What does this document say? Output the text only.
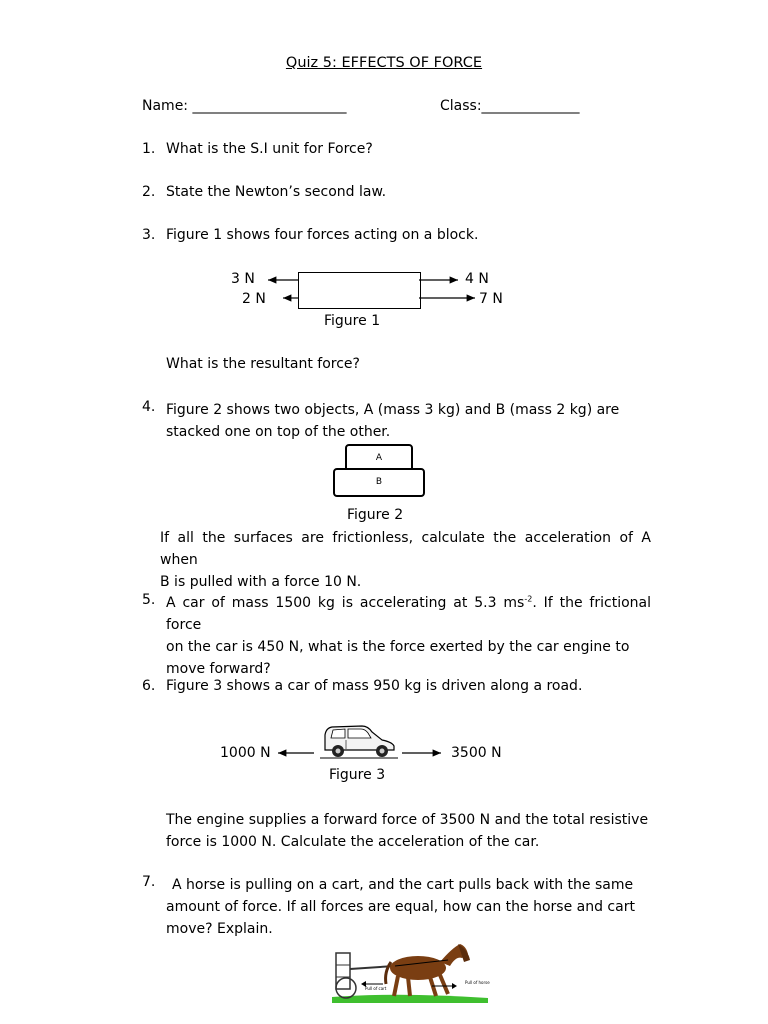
Quiz 5: EFFECTS OF FORCE
Name: ______________________	Class:______________
1. What is the S.I unit for Force?
2. State the Newton’s second law.
3. Figure 1 shows four forces acting on a block.
3 N
2 N
4 N
7 N
Figure 1
What is the resultant force?
4. Figure 2 shows two objects, A (mass 3 kg) and B (mass 2 kg) are
stacked one on top of the other.
A
B
Figure 2
If all the surfaces are frictionless, calculate the acceleration of A when
B is pulled with a force 10 N.
5. A car of mass 1500 kg is accelerating at 5.3 $ms^{-2}$. If the frictional force
on the car is 450 N, what is the force exerted by the car engine to
move forward?
6. Figure 3 shows a car of mass 950 kg is driven along a road.
1000 N	3500 N
Figure 3
The engine supplies a forward force of 3500 N and the total resistive
force is 1000 N. Calculate the acceleration of the car.
7. A horse is pulling on a cart, and the cart pulls back with the same
amount of force. If all forces are equal, how can the horse and cart
move? Explain.
Pull of cart
Pull of horse
